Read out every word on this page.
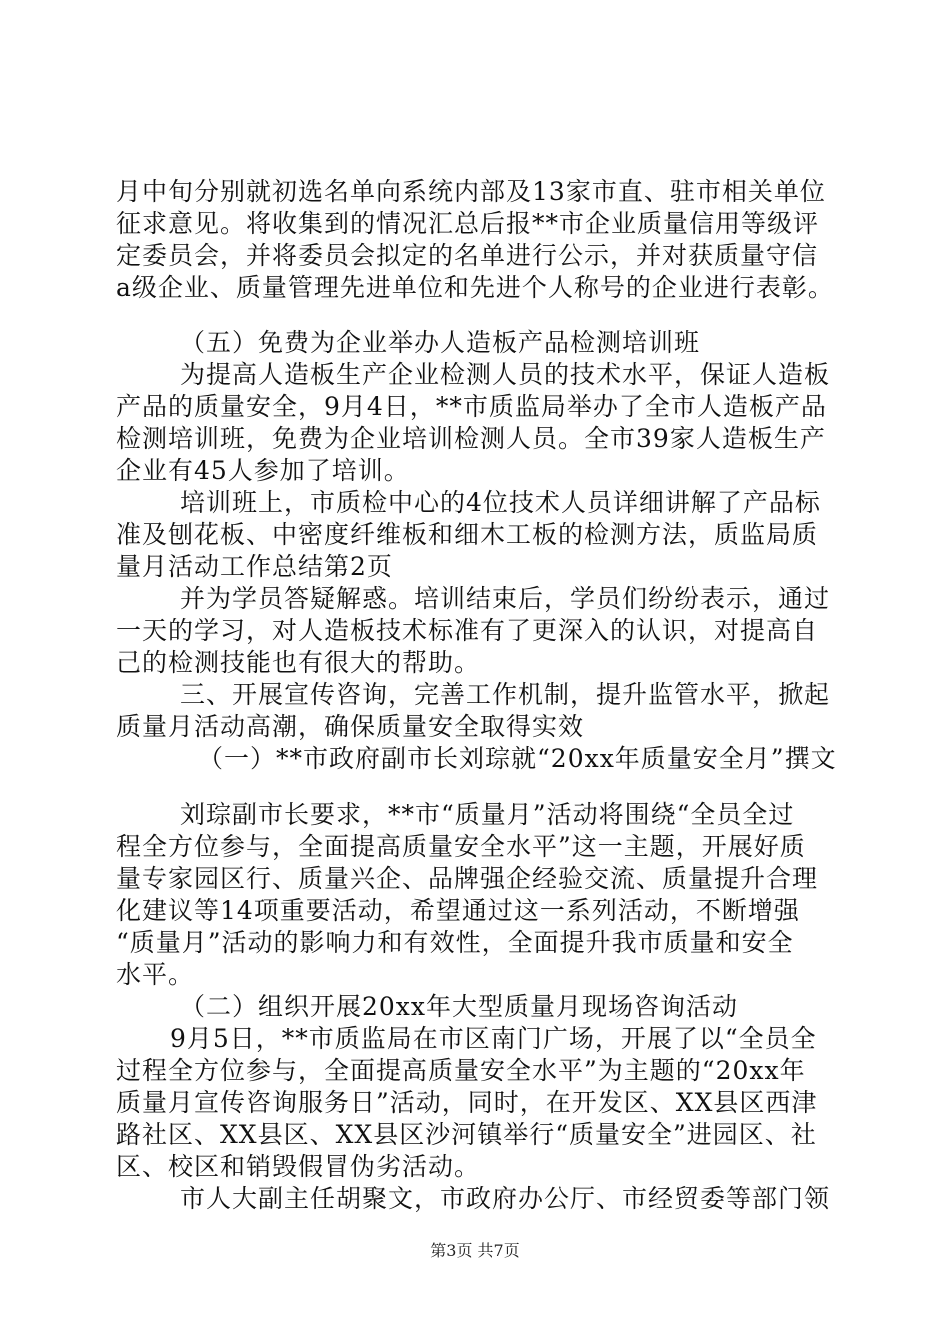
月中旬分别就初选名单向系统内部及13家市直、驻市相关单位
征求意见。将收集到的情况汇总后报**市企业质量信用等级评
定委员会，并将委员会拟定的名单进行公示，并对获质量守信
a级企业、质量管理先进单位和先进个人称号的企业进行表彰。
（五）免费为企业举办人造板产品检测培训班
为提高人造板生产企业检测人员的技术水平，保证人造板
产品的质量安全，9月4日，**市质监局举办了全市人造板产品
检测培训班，免费为企业培训检测人员。全市39家人造板生产
企业有45人参加了培训。
培训班上，市质检中心的4位技术人员详细讲解了产品标
准及刨花板、中密度纤维板和细木工板的检测方法，质监局质
量月活动工作总结第2页
并为学员答疑解惑。培训结束后，学员们纷纷表示，通过
一天的学习，对人造板技术标准有了更深入的认识，对提高自
己的检测技能也有很大的帮助。
三、开展宣传咨询，完善工作机制，提升监管水平，掀起
质量月活动高潮，确保质量安全取得实效
（一）**市政府副市长刘琮就“20xx年质量安全月”撰文
刘琮副市长要求，**市“质量月”活动将围绕“全员全过
程全方位参与，全面提高质量安全水平”这一主题，开展好质
量专家园区行、质量兴企、品牌强企经验交流、质量提升合理
化建议等14项重要活动，希望通过这一系列活动，不断增强
“质量月”活动的影响力和有效性，全面提升我市质量和安全
水平。
（二）组织开展20xx年大型质量月现场咨询活动
9月5日，**市质监局在市区南门广场，开展了以“全员全
过程全方位参与，全面提高质量安全水平”为主题的“20xx年
质量月宣传咨询服务日”活动，同时，在开发区、XX县区西津
路社区、XX县区、XX县区沙河镇举行“质量安全”进园区、社
区、校区和销毁假冒伪劣活动。
市人大副主任胡聚文，市政府办公厅、市经贸委等部门领
第3页 共7页
